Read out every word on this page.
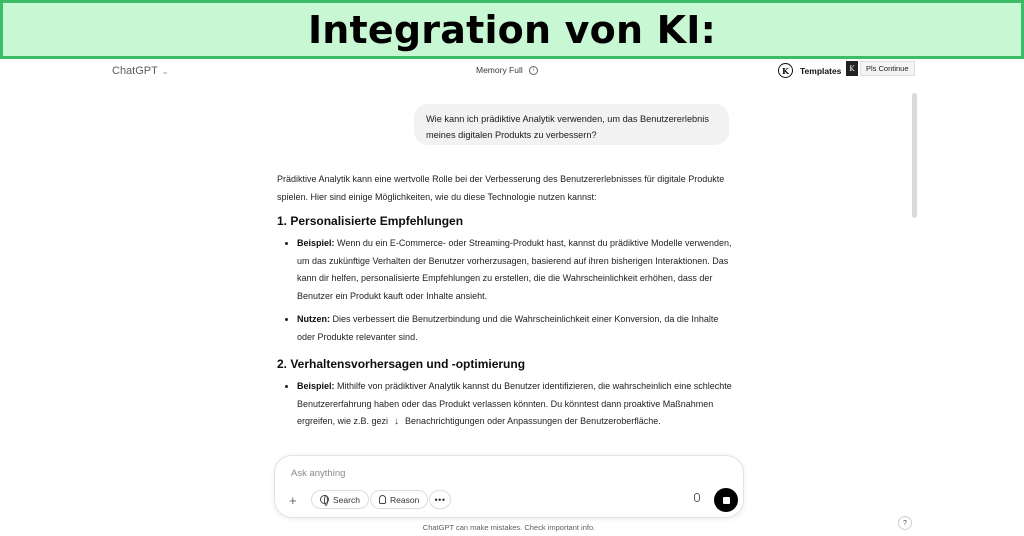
Integration von KI:
ChatGPT ⌄	Memory Full	i	K	Templates	K	Pls Continue
Wie kann ich prädiktive Analytik verwenden, um das Benutzererlebnis meines digitalen Produkts zu verbessern?

Prädiktive Analytik kann eine wertvolle Rolle bei der Verbesserung des Benutzererlebnisses für digitale Produkte spielen. Hier sind einige Möglichkeiten, wie du diese Technologie nutzen kannst:

1. Personalisierte Empfehlungen
Beispiel: Wenn du ein E-Commerce- oder Streaming-Produkt hast, kannst du prädiktive Modelle verwenden, um das zukünftige Verhalten der Benutzer vorherzusagen, basierend auf ihren bisherigen Interaktionen. Das kann dir helfen, personalisierte Empfehlungen zu erstellen, die die Wahrscheinlichkeit erhöhen, dass der Benutzer ein Produkt kauft oder Inhalte ansieht.
Nutzen: Dies verbessert die Benutzerbindung und die Wahrscheinlichkeit einer Konversion, da die Inhalte oder Produkte relevanter sind.
2. Verhaltensvorhersagen und -optimierung
Beispiel: Mithilfe von prädiktiver Analytik kannst du Benutzer identifizieren, die wahrscheinlich eine schlechte Benutzererfahrung haben oder das Produkt verlassen könnten. Du könntest dann proaktive Maßnahmen ergreifen, wie z.B. gezi ↓ Benachrichtigungen oder Anpassungen der Benutzeroberfläche.
Ask anything
+	Search	Reason	•••
ChatGPT can make mistakes. Check important info.	?
